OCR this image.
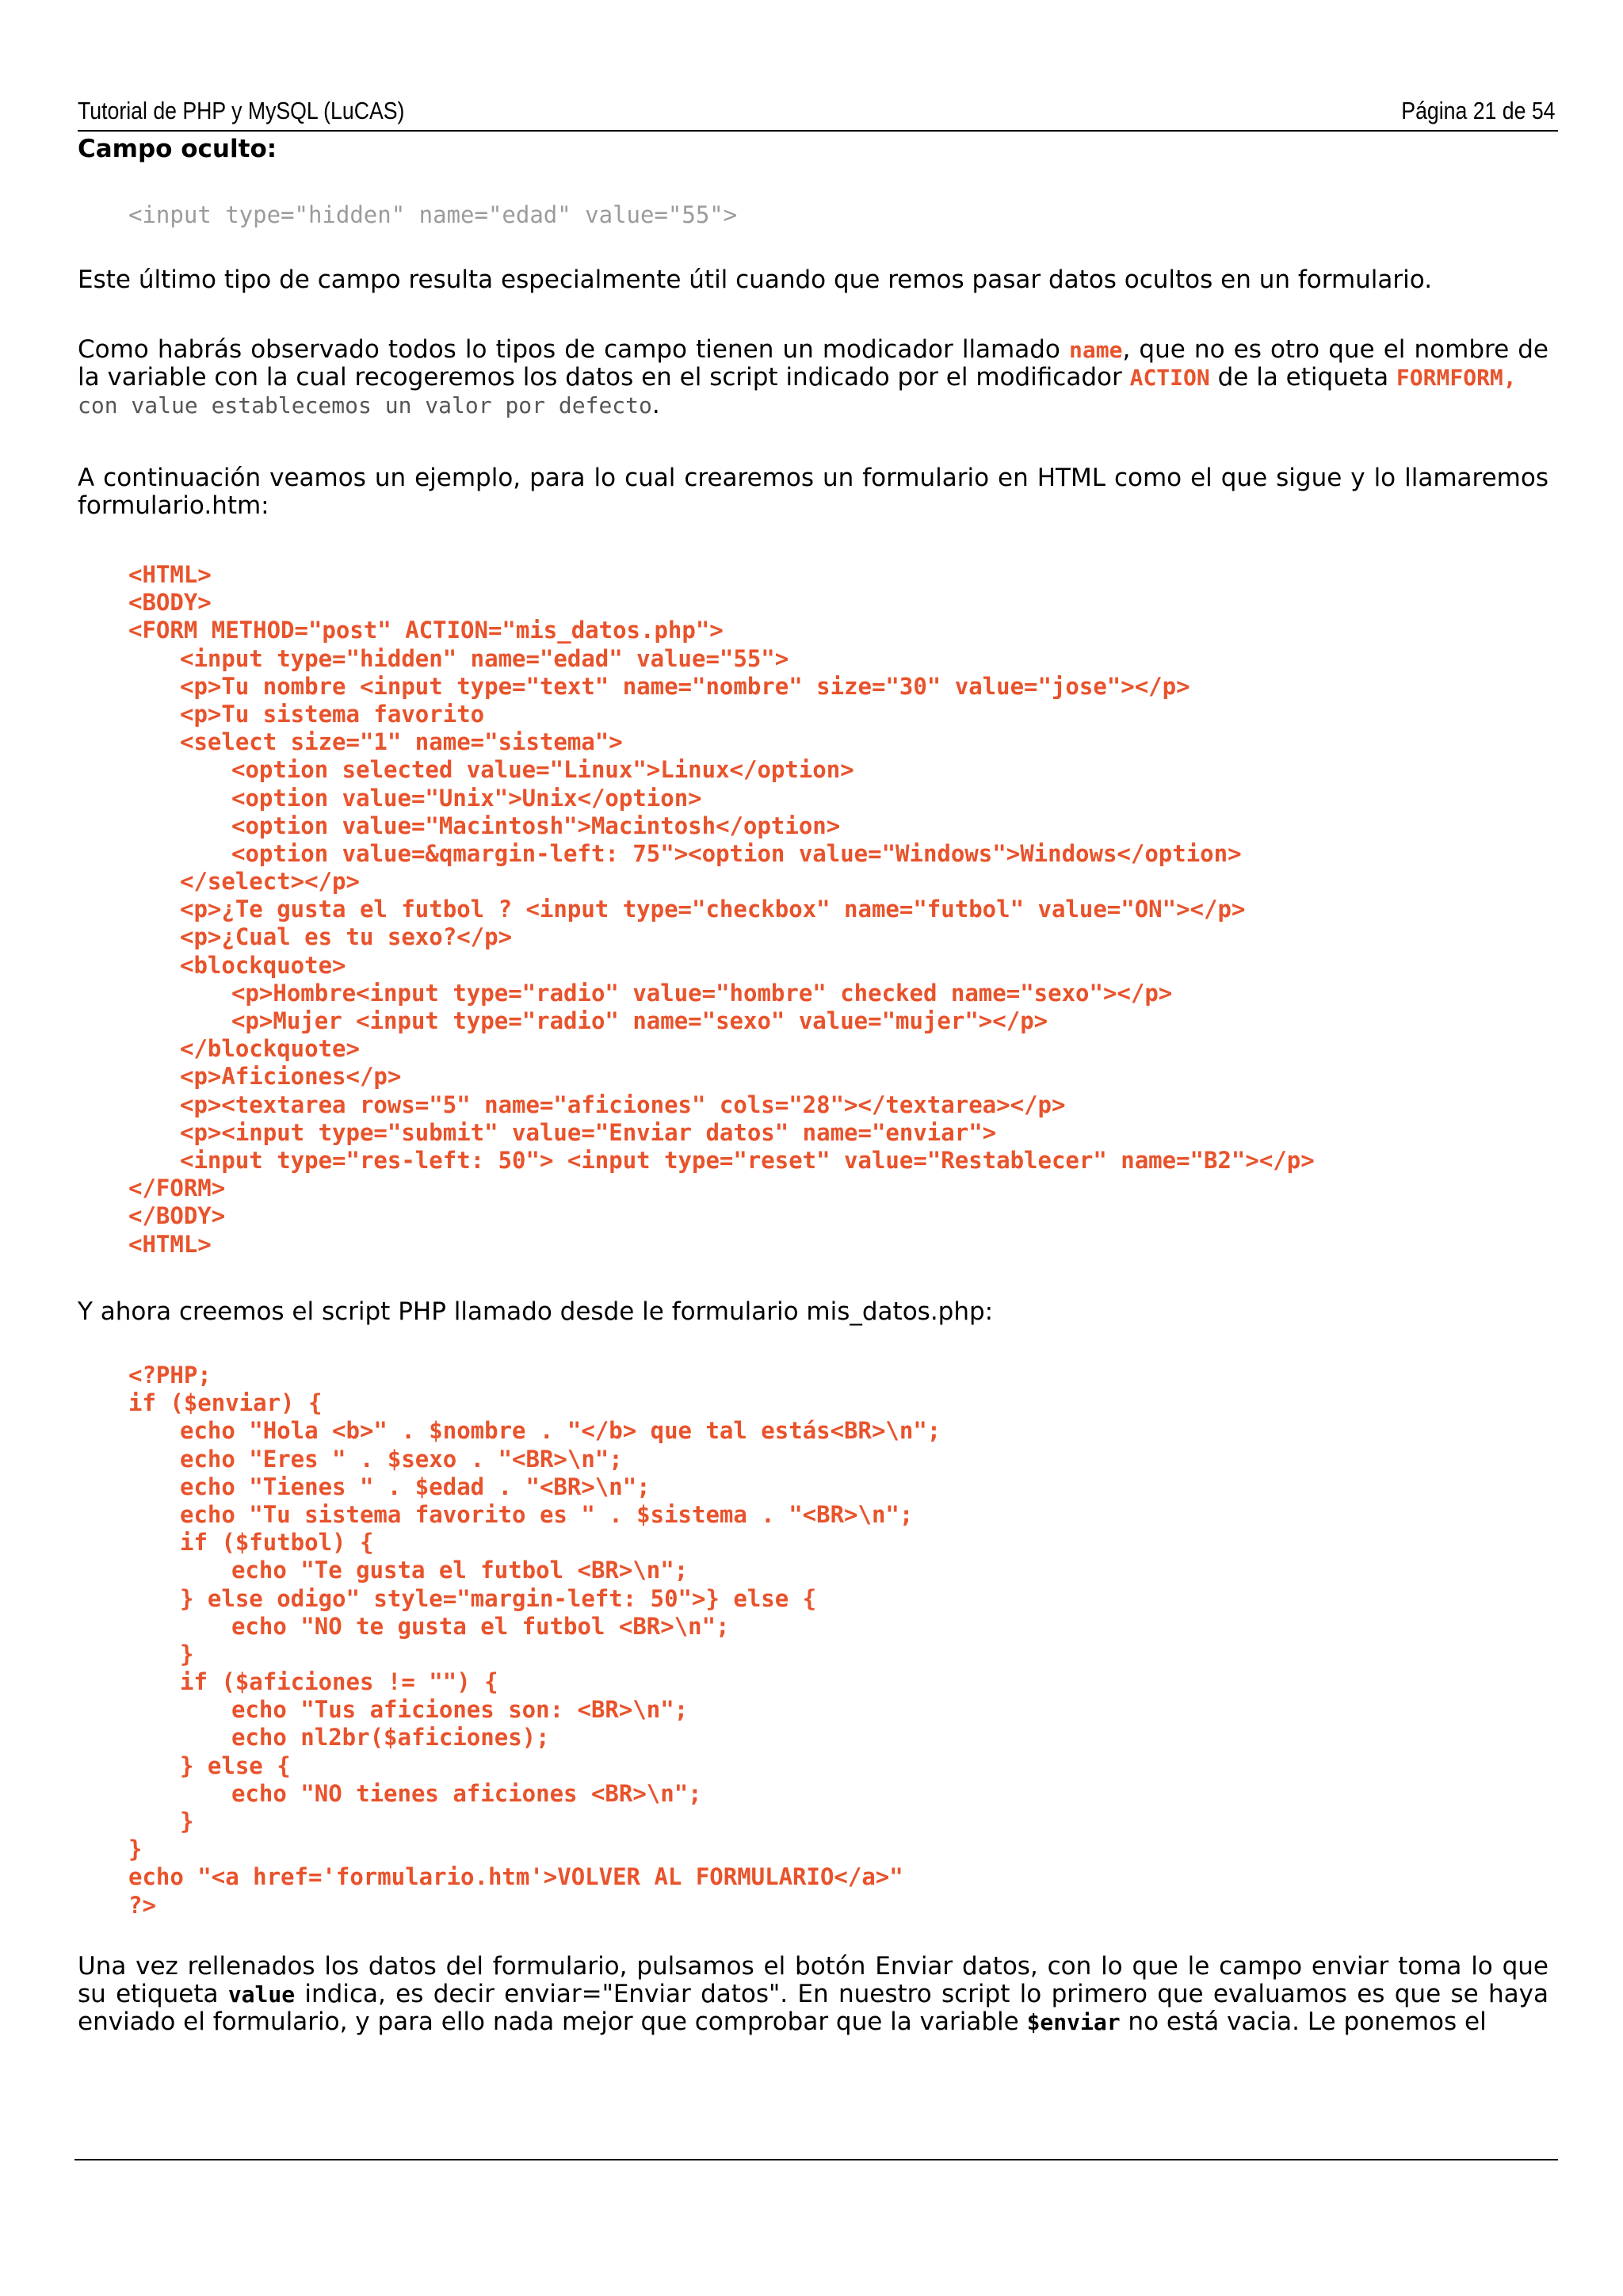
Tutorial de PHP y MySQL (LuCAS)	Página 21 de 54
Campo oculto:
<input type="hidden" name="edad" value="55">
Este último tipo de campo resulta especialmente útil cuando que remos pasar datos ocultos en un formulario.
Como habrás observado todos lo tipos de campo tienen un modicador llamado name, que no es otro que el nombre de la variable con la cual recogeremos los datos en el script indicado por el modificador ACTION de la etiqueta FORMFORM,
con value establecemos un valor por defecto.
A continuación veamos un ejemplo, para lo cual crearemos un formulario en HTML como el que sigue y lo llamaremos formulario.htm:
<HTML>
<BODY>
<FORM METHOD="post" ACTION="mis_datos.php">
<input type="hidden" name="edad" value="55">
<p>Tu nombre <input type="text" name="nombre" size="30" value="jose"></p>
<p>Tu sistema favorito
<select size="1" name="sistema">
<option selected value="Linux">Linux</option>
<option value="Unix">Unix</option>
<option value="Macintosh">Macintosh</option>
<option value=&qmargin-left: 75"><option value="Windows">Windows</option>
</select></p>
<p>¿Te gusta el futbol ? <input type="checkbox" name="futbol" value="ON"></p>
<p>¿Cual es tu sexo?</p>
<blockquote>
<p>Hombre<input type="radio" value="hombre" checked name="sexo"></p>
<p>Mujer <input type="radio" name="sexo" value="mujer"></p>
</blockquote>
<p>Aficiones</p>
<p><textarea rows="5" name="aficiones" cols="28"></textarea></p>
<p><input type="submit" value="Enviar datos" name="enviar">
<input type="res-left: 50"> <input type="reset" value="Restablecer" name="B2"></p>
</FORM>
</BODY>
<HTML>
Y ahora creemos el script PHP llamado desde le formulario mis_datos.php:
<?PHP;
if ($enviar) {
echo "Hola <b>" . $nombre . "</b> que tal estás<BR>\n";
echo "Eres " . $sexo . "<BR>\n";
echo "Tienes " . $edad . "<BR>\n";
echo "Tu sistema favorito es " . $sistema . "<BR>\n";
if ($futbol) {
echo "Te gusta el futbol <BR>\n";
} else odigo" style="margin-left: 50">} else {
echo "NO te gusta el futbol <BR>\n";
}
if ($aficiones != "") {
echo "Tus aficiones son: <BR>\n";
echo nl2br($aficiones);
} else {
echo "NO tienes aficiones <BR>\n";
}
}
echo "<a href='formulario.htm'>VOLVER AL FORMULARIO</a>"
?>
Una vez rellenados los datos del formulario, pulsamos el botón Enviar datos, con lo que le campo enviar toma lo que su etiqueta value indica, es decir enviar="Enviar datos". En nuestro script lo primero que evaluamos es que se haya enviado el formulario, y para ello nada mejor que comprobar que la variable $enviar no está vacia. Le ponemos el
